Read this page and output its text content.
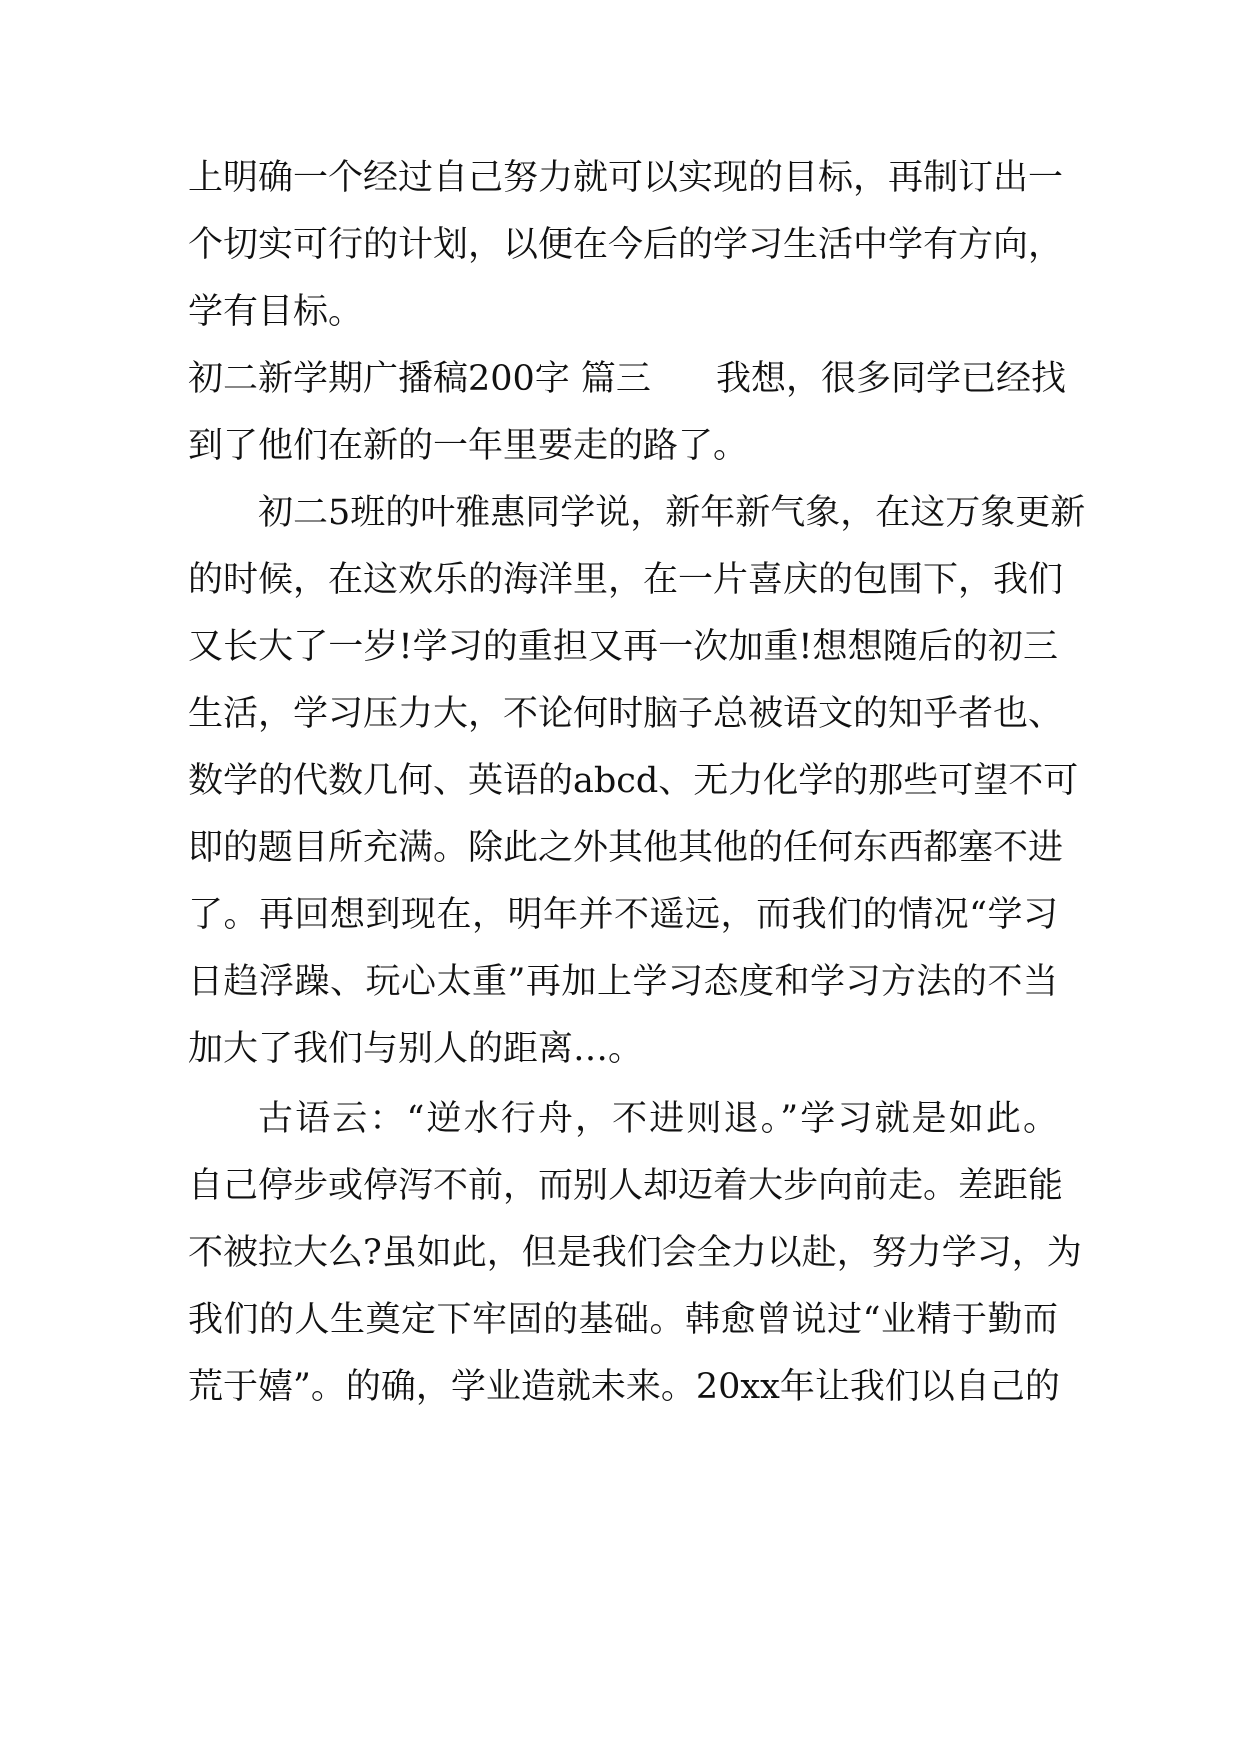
上明确一个经过自己努力就可以实现的目标，再制订出一
个切实可行的计划，以便在今后的学习生活中学有方向，
学有目标。
初二新学期广播稿200字 篇三 我想，很多同学已经找
到了他们在新的一年里要走的路了。
初二5班的叶雅惠同学说，新年新气象，在这万象更新
的时候，在这欢乐的海洋里，在一片喜庆的包围下，我们
又长大了一岁!学习的重担又再一次加重!想想随后的初三
生活，学习压力大，不论何时脑子总被语文的知乎者也、
数学的代数几何、英语的abcd、无力化学的那些可望不可
即的题目所充满。除此之外其他其他的任何东西都塞不进
了。再回想到现在，明年并不遥远，而我们的情况“学习
日趋浮躁、玩心太重”再加上学习态度和学习方法的不当
加大了我们与别人的距离…。
古语云：“逆水行舟，不进则退。”学习就是如此。
自己停步或停泻不前，而别人却迈着大步向前走。差距能
不被拉大么?虽如此，但是我们会全力以赴，努力学习，为
我们的人生奠定下牢固的基础。韩愈曾说过“业精于勤而
荒于嬉”。的确，学业造就未来。20xx年让我们以自己的
